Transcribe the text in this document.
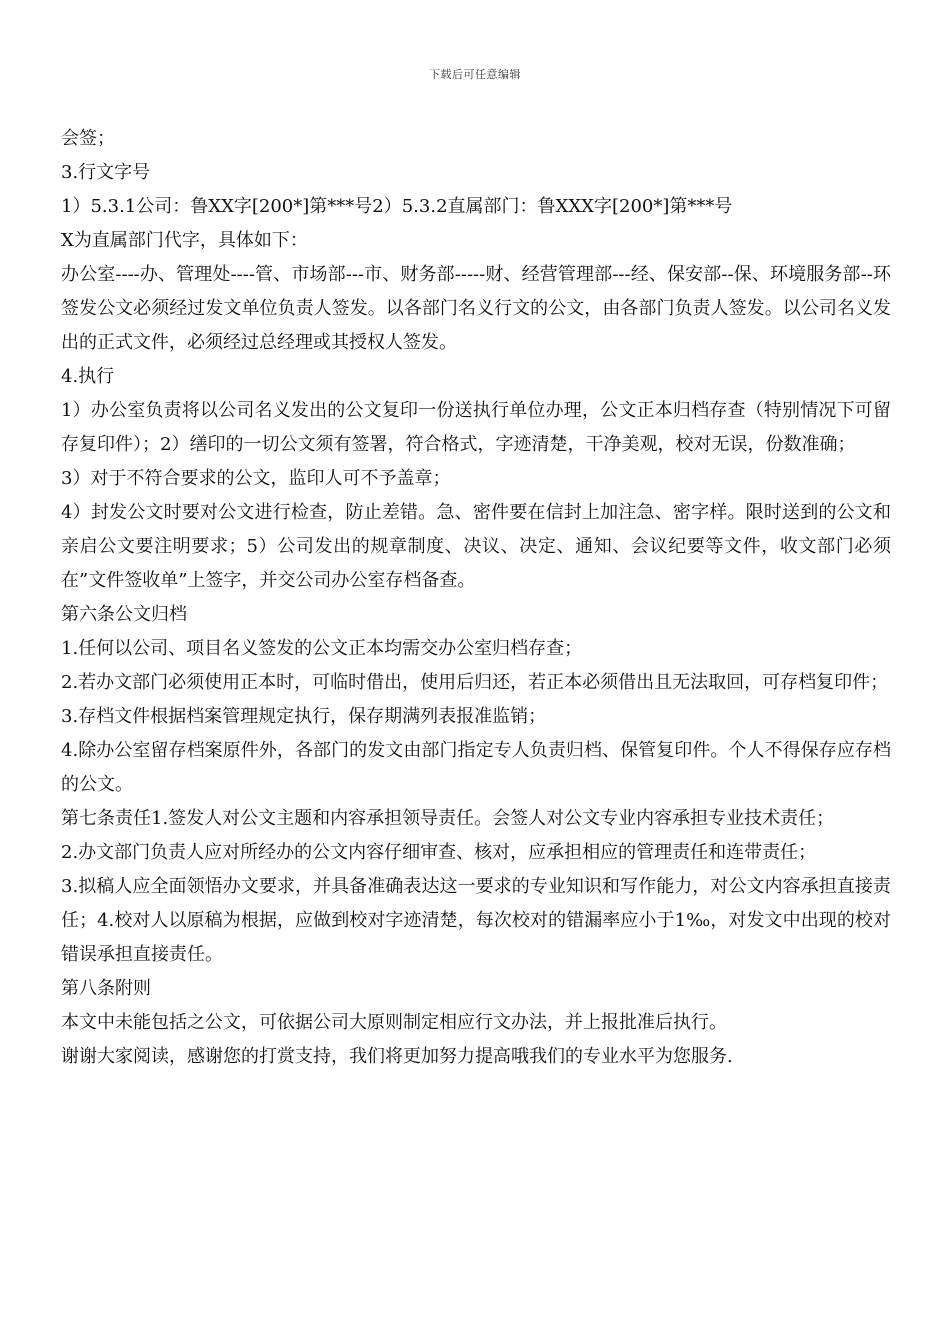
下载后可任意编辑

会签；

3.行文字号

1）5.3.1公司：鲁XX字[200*]第***号2）5.3.2直属部门：鲁XXX字[200*]第***号

X为直属部门代字，具体如下：

办公室----办、管理处----管、市场部---市、财务部-----财、经营管理部---经、保安部--保、环境服务部--环签发公文必须经过发文单位负责人签发。以各部门名义行文的公文，由各部门负责人签发。以公司名义发出的正式文件，必须经过总经理或其授权人签发。

4.执行

1）办公室负责将以公司名义发出的公文复印一份送执行单位办理，公文正本归档存查（特别情况下可留存复印件）；2）缮印的一切公文须有签署，符合格式，字迹清楚，干净美观，校对无误，份数准确；

3）对于不符合要求的公文，监印人可不予盖章；

4）封发公文时要对公文进行检查，防止差错。急、密件要在信封上加注急、密字样。限时送到的公文和亲启公文要注明要求；5）公司发出的规章制度、决议、决定、通知、会议纪要等文件，收文部门必须在”文件签收单”上签字，并交公司办公室存档备查。

第六条公文归档

1.任何以公司、项目名义签发的公文正本均需交办公室归档存查；

2.若办文部门必须使用正本时，可临时借出，使用后归还，若正本必须借出且无法取回，可存档复印件；

3.存档文件根据档案管理规定执行，保存期满列表报准监销；

4.除办公室留存档案原件外，各部门的发文由部门指定专人负责归档、保管复印件。个人不得保存应存档的公文。

第七条责任1.签发人对公文主题和内容承担领导责任。会签人对公文专业内容承担专业技术责任；

2.办文部门负责人应对所经办的公文内容仔细审查、核对，应承担相应的管理责任和连带责任；

3.拟稿人应全面领悟办文要求，并具备准确表达这一要求的专业知识和写作能力，对公文内容承担直接责任；4.校对人以原稿为根据，应做到校对字迹清楚，每次校对的错漏率应小于1‰，对发文中出现的校对错误承担直接责任。

第八条附则

本文中未能包括之公文，可依据公司大原则制定相应行文办法，并上报批准后执行。

谢谢大家阅读，感谢您的打赏支持，我们将更加努力提高哦我们的专业水平为您服务.
